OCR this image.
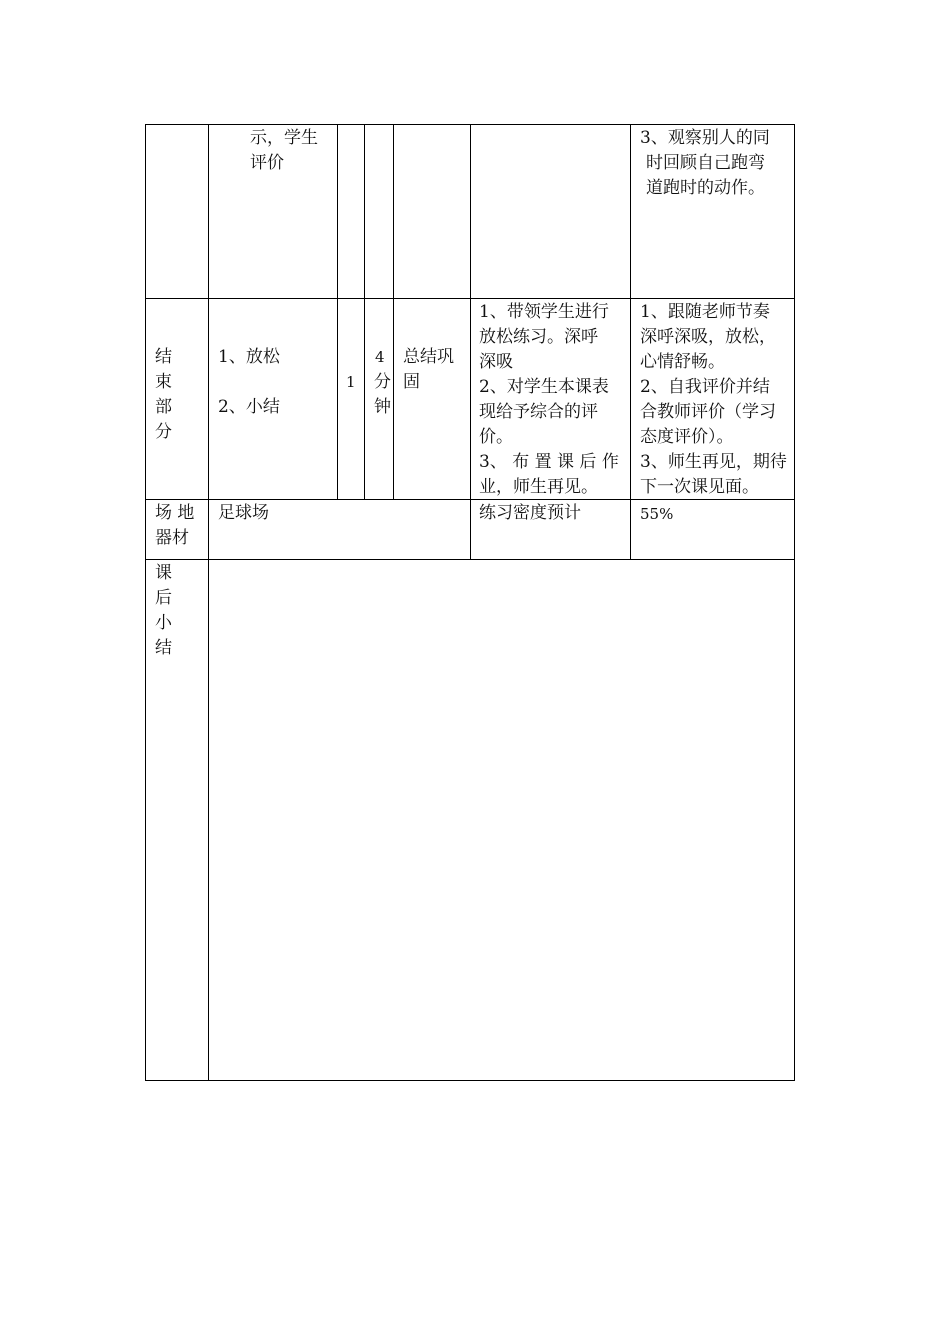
示，学生
评价
3、观察别人的同
时回顾自己跑弯
道跑时的动作。
结
束
部
分
1、放松
2、小结
1
4
分
钟
总结巩
固
1、带领学生进行
放松练习。深呼
深吸
2、对学生本课表
现给予综合的评
价。
3、 布 置 课 后 作
业，师生再见。
1、跟随老师节奏
深呼深吸，放松，
心情舒畅。
2、自我评价并结
合教师评价（学习
态度评价）。
3、师生再见，期待
下一次课见面。
场 地
器材
足球场	练习密度预计	55%
课
后
小
结
